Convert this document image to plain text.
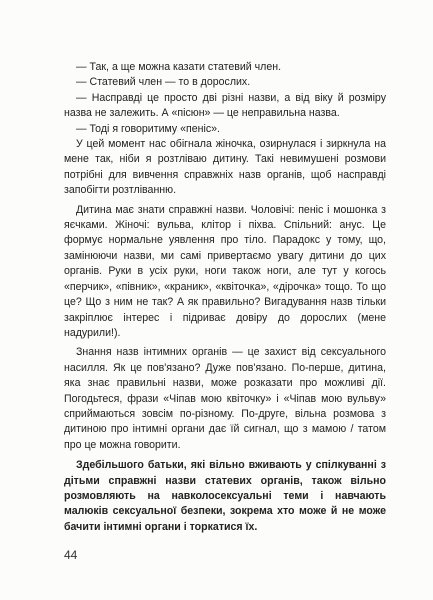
— Так, а ще можна казати статевий член.

— Статевий член — то в дорослих.

— Насправді це просто дві різні назви, а від віку й розміру назва не залежить. А «пісюн» — це неправильна назва.

— Тоді я говоритиму «пеніс».

У цей момент нас обігнала жіночка, озирнулася і зиркнула на мене так, ніби я розтліваю дитину. Такі невимушені розмови потрібні для вивчення справжніх назв органів, щоб насправді запобігти розтліванню.

Дитина має знати справжні назви. Чоловічі: пеніс і мошонка з яєчками. Жіночі: вульва, клітор і піхва. Спільний: анус. Це формує нормальне уявлення про тіло. Парадокс у тому, що, замінюючи назви, ми самі привертаємо увагу дитини до цих органів. Руки в усіх руки, ноги також ноги, але тут у когось «перчик», «півник», «краник», «квіточка», «дірочка» тощо. То що це? Що з ним не так? А як правильно? Вигадування назв тільки закріплює інтерес і підриває довіру до дорослих (мене надурили!).

Знання назв інтимних органів — це захист від сексуального насилля. Як це пов'язано? Дуже пов'язано. По-перше, дитина, яка знає правильні назви, може розказати про можливі дії. Погодьтеся, фрази «Чіпав мою квіточку» і «Чіпав мою вульву» сприймаються зовсім по-різному. По-друге, вільна розмова з дитиною про інтимні органи дає їй сигнал, що з мамою / татом про це можна говорити.

Здебільшого батьки, які вільно вживають у спілкуванні з дітьми справжні назви статевих органів, також вільно розмовляють на навколосексуальні теми і навчають малюків сексуальної безпеки, зокрема хто може й не може бачити інтимні органи і торкатися їх.

44
